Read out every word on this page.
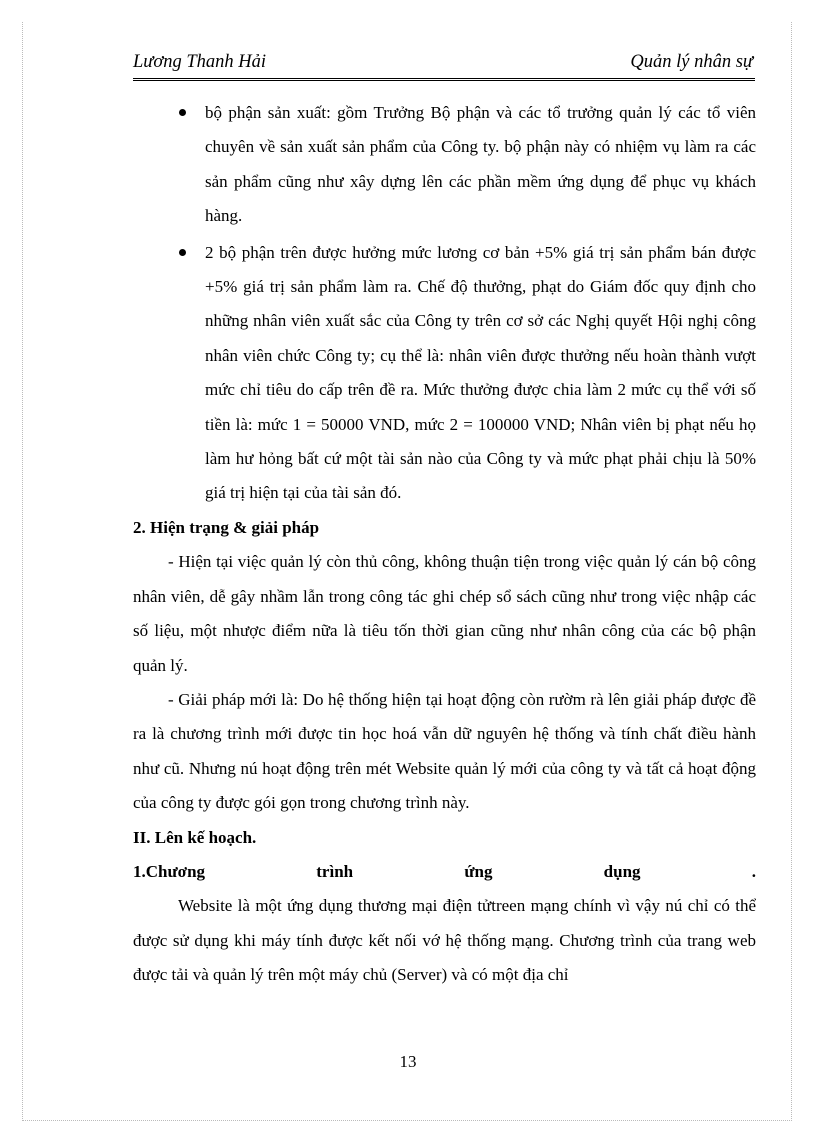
Lương Thanh Hải	Quản lý nhân sự
bộ phận sản xuất: gồm Trưởng Bộ phận và các tổ trưởng quản lý các tổ viên chuyên về sản xuất sản phẩm của Công ty. bộ phận này có nhiệm vụ làm ra các sản phẩm cũng như xây dựng lên các phần mềm ứng dụng để phục vụ khách hàng.
2 bộ phận trên được hưởng mức lương cơ bản +5% giá trị sản phẩm bán được +5% giá trị sản phẩm làm ra. Chế độ thưởng, phạt do Giám đốc quy định cho những nhân viên xuất sắc của Công ty trên cơ sở các Nghị quyết Hội nghị công nhân viên chức Công ty; cụ thể là: nhân viên được thưởng nếu hoàn thành vượt mức chỉ tiêu do cấp trên đề ra. Mức thưởng được chia làm 2 mức cụ thể với số tiền là: mức 1 = 50000 VND, mức 2 = 100000 VND; Nhân viên bị phạt nếu họ làm hư hỏng bất cứ một tài sản nào của Công ty và mức phạt phải chịu là 50% giá trị hiện tại của tài sản đó.
2. Hiện trạng & giải pháp
- Hiện tại việc quản lý còn thủ công, không thuận tiện trong việc quản lý cán bộ công nhân viên, dễ gây nhầm lẫn trong công tác ghi chép sổ sách cũng như trong việc nhập các số liệu, một nhược điểm nữa là tiêu tốn thời gian cũng như nhân công của các bộ phận quản lý.
- Giải pháp mới là: Do hệ thống hiện tại hoạt động còn rườm rà lên giải pháp được đề ra là chương trình mới được tin học hoá vẫn dữ nguyên hệ thống và tính chất điều hành như cũ. Nhưng nú hoạt động trên mét Website quản lý mới của công ty và tất cả hoạt động của công ty được gói gọn trong chương trình này.
II. Lên kế hoạch.
1.Chương	trình	ứng	dụng	.
Website là một ứng dụng thương mại điện tửtreen mạng chính vì vậy nú chỉ có thể được sử dụng khi máy tính được kết nối vớ hệ thống mạng. Chương trình của trang web được tải và quản lý trên một máy chủ (Server) và có một địa chỉ
13
